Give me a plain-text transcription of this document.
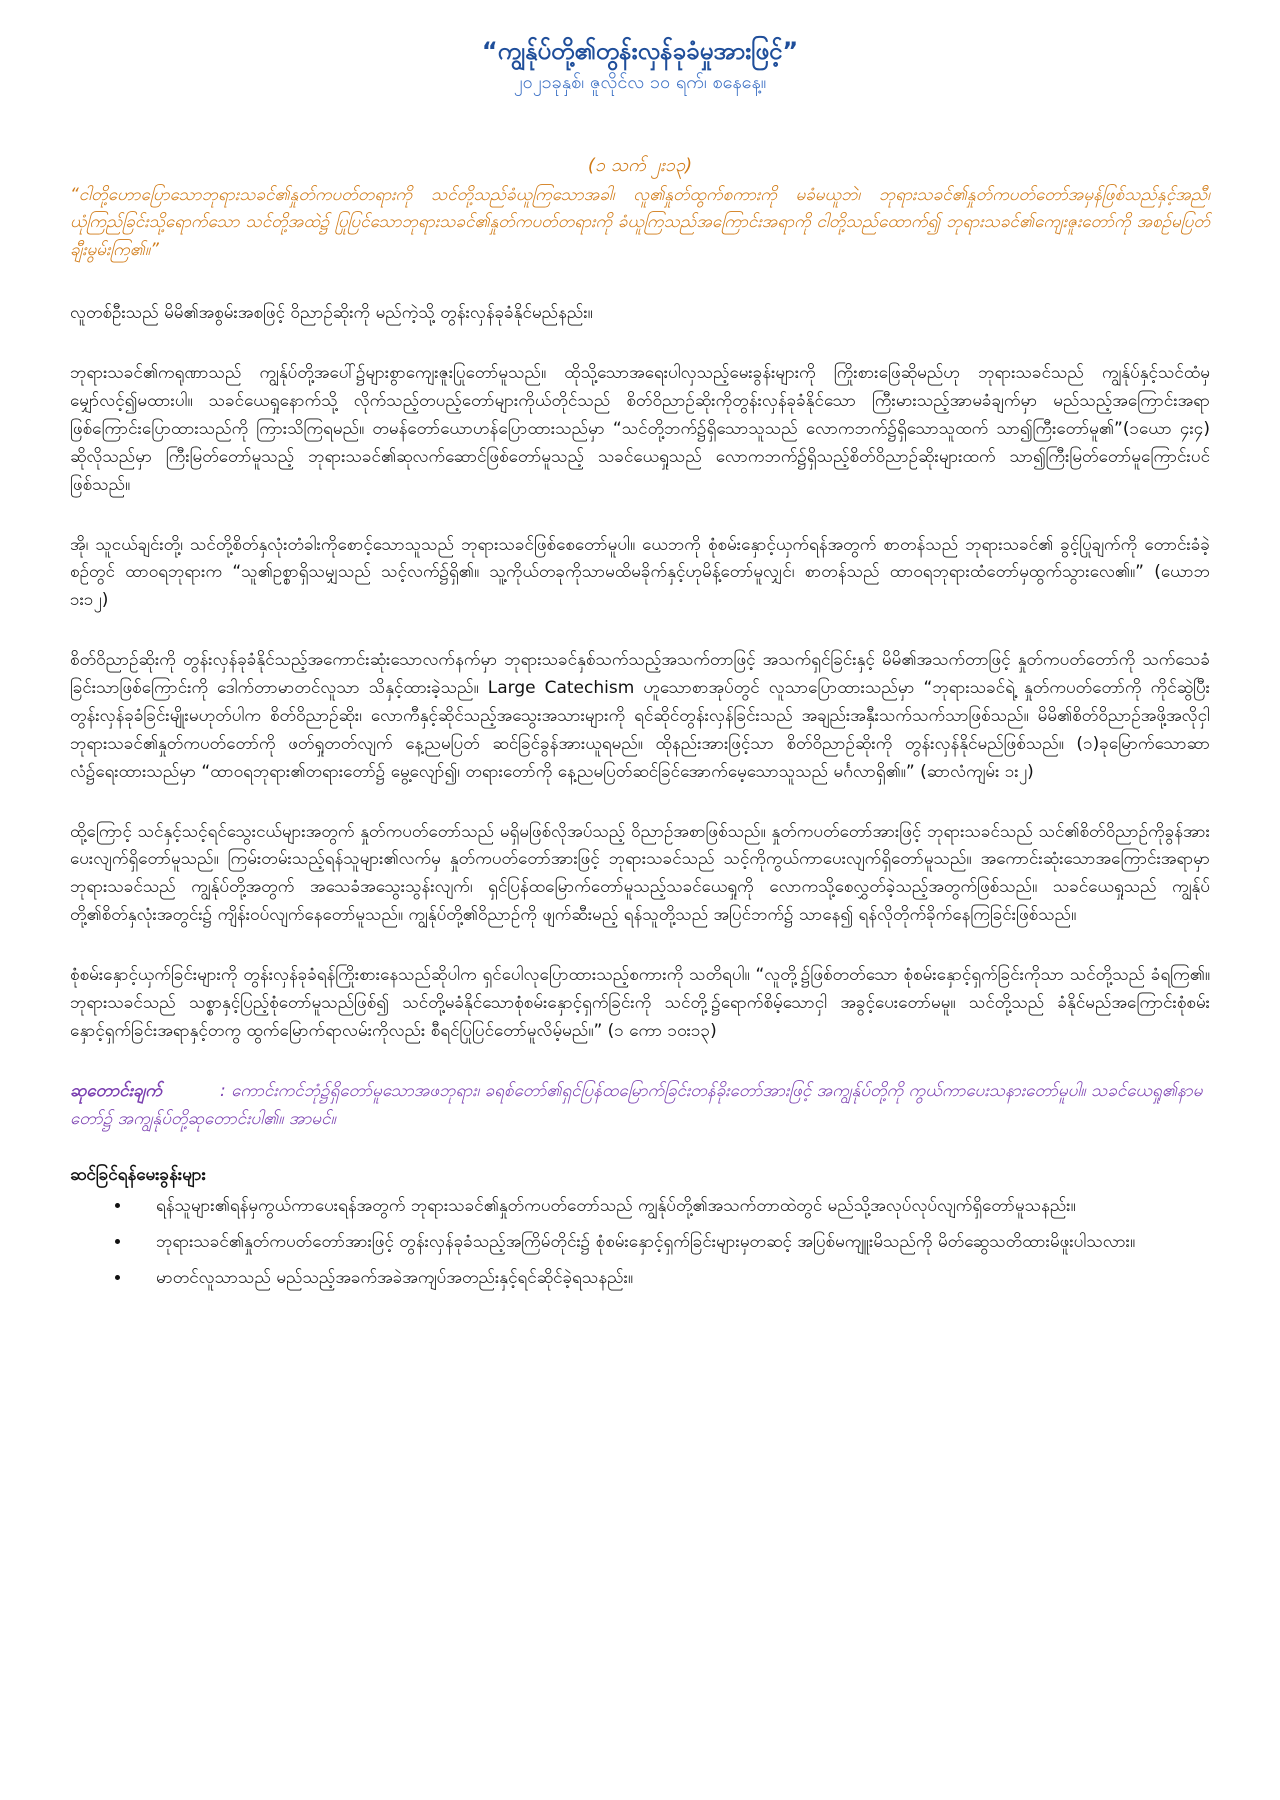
“ကျွန်ုပ်တို့၏တွန်းလှန်ခုခံမှုအားဖြင့်”
၂၀၂၁ခုနှစ်၊ ဇူလိုင်လ ၁၀ ရက်၊ စနေနေ့။
(၁ သက် ၂း၁၃)
“ငါတို့ဟောပြောသောဘုရားသခင်၏နှုတ်ကပတ်တရားကို သင်တို့သည်ခံယူကြသောအခါ၊ လူ၏နှုတ်ထွက်စကားကို မခံမယူဘဲ၊ ဘုရားသခင်၏နှုတ်ကပတ်တော်အမှန်ဖြစ်သည်နှင့်အညီ၊ ယုံကြည်ခြင်းသို့ရောက်သော သင်တို့အထဲ၌ ပြုပြင်သောဘုရားသခင်၏နှုတ်ကပတ်တရားကို ခံယူကြသည်အကြောင်းအရာကို ငါတို့သည်ထောက်၍ ဘုရားသခင်၏ကျေးဇူးတော်ကို အစဉ်မပြတ်ချီးမွမ်းကြ၏။”

လူတစ်ဦးသည် မိမိ၏အစွမ်းအစဖြင့် ဝိညာဉ်ဆိုးကို မည်ကဲ့သို့ တွန်းလှန်ခုခံနိုင်မည်နည်း။

ဘုရားသခင်၏ကရုဏာသည် ကျွန်ုပ်တို့အပေါ်၌များစွာကျေးဇူးပြုတော်မူသည်။ ထိုသို့သောအရေးပါလှသည့်မေးခွန်းများကို ကြိုးစားဖြေဆိုမည်ဟု ဘုရားသခင်သည် ကျွန်ုပ်နှင့်သင်ထံမှမျှော်လင့်၍မထားပါ။ သခင်ယေရှုနောက်သို့ လိုက်သည့်တပည့်တော်များကိုယ်တိုင်သည် စိတ်ဝိညာဉ်ဆိုးကိုတွန်းလှန်ခုခံနိုင်သော ကြီးမားသည့်အာမခံချက်မှာ မည်သည့်အကြောင်းအရာဖြစ်ကြောင်းပြောထားသည်ကို ကြားသိကြရမည်။ တမန်တော်ယောဟန်ပြောထားသည်မှာ “သင်တို့ဘက်၌ရှိသောသူသည် လောကဘက်၌ရှိသောသူထက် သာ၍ကြီးတော်မူ၏”(၁ယော ၄း၄) ဆိုလိုသည်မှာ ကြီးမြတ်တော်မူသည့် ဘုရားသခင်၏ဆုလက်ဆောင်ဖြစ်တော်မူသည့် သခင်ယေရှုသည် လောကဘက်၌ရှိသည့်စိတ်ဝိညာဉ်ဆိုးများထက် သာ၍ကြီးမြတ်တော်မူကြောင်းပင်ဖြစ်သည်။

အို၊ သူငယ်ချင်းတို့၊ သင်တို့စိတ်နှလုံးတံခါးကိုစောင့်သောသူသည် ဘုရားသခင်ဖြစ်စေတော်မူပါ။ ယေဘကို စုံစမ်းနှောင့်ယှက်ရန်အတွက် စာတန်သည် ဘုရားသခင်၏ ခွင့်ပြုချက်ကို တောင်းခံခဲ့စဉ်တွင် ထာဝရဘုရားက “သူ၏ဥစ္စာရှိသမျှသည် သင့်လက်၌ရှိ၏။ သူ့ကိုယ်တခုကိုသာမထိမခိုက်နှင့်ဟုမိန့်တော်မူလျှင်၊ စာတန်သည် ထာဝရဘုရားထံတော်မှထွက်သွားလေ၏။” (ယောဘ ၁း၁၂)

စိတ်ဝိညာဉ်ဆိုးကို တွန်းလှန်ခုခံနိုင်သည့်အကောင်းဆုံးသောလက်နက်မှာ ဘုရားသခင်နှစ်သက်သည့်အသက်တာဖြင့် အသက်ရှင်ခြင်းနှင့် မိမိ၏အသက်တာဖြင့် နှုတ်ကပတ်တော်ကို သက်သေခံခြင်းသာဖြစ်ကြောင်းကို ဒေါက်တာမာတင်လူသာ သိနှင့်ထားခဲ့သည်။ Large Catechism ဟူသောစာအုပ်တွင် လူသာပြောထားသည်မှာ “ဘုရားသခင်ရဲ့ နှုတ်ကပတ်တော်ကို ကိုင်ဆွဲပြီးတွန်းလှန်ခုခံခြင်းမျိုးမဟုတ်ပါက စိတ်ဝိညာဉ်ဆိုး၊ လောကီနှင့်ဆိုင်သည့်အသွေးအသားများကို ရင်ဆိုင်တွန်းလှန်ခြင်းသည် အချည်းအနှီးသက်သက်သာဖြစ်သည်။ မိမိ၏စိတ်ဝိညာဉ်အဖို့အလိုငှါ ဘုရားသခင်၏နှုတ်ကပတ်တော်ကို ဖတ်ရှုတတ်လျက် နေ့ညမပြတ် ဆင်ခြင်ခွန်အားယူရမည်။ ထိုနည်းအားဖြင့်သာ စိတ်ဝိညာဉ်ဆိုးကို တွန်းလှန်နိုင်မည်ဖြစ်သည်။ (၁)ခုမြောက်သောဆာလံ၌ရေးထားသည်မှာ “ထာဝရဘုရား၏တရားတော်၌ မွေ့လျော်၍၊ တရားတော်ကို နေ့ညမပြတ်ဆင်ခြင်အောက်မေ့သောသူသည် မင်္ဂလာရှိ၏။” (ဆာလံကျမ်း ၁း၂)

ထို့ကြောင့် သင်နှင့်သင့်ရင်သွေးငယ်များအတွက် နှုတ်ကပတ်တော်သည် မရှိမဖြစ်လိုအပ်သည့် ဝိညာဉ်အစာဖြစ်သည်။ နှုတ်ကပတ်တော်အားဖြင့် ဘုရားသခင်သည် သင်၏စိတ်ဝိညာဉ်ကိုခွန်အားပေးလျက်ရှိတော်မူသည်။ ကြမ်းတမ်းသည့်ရန်သူများ၏လက်မှ နှုတ်ကပတ်တော်အားဖြင့် ဘုရားသခင်သည် သင့်ကိုကွယ်ကာပေးလျက်ရှိတော်မူသည်။ အကောင်းဆုံးသောအကြောင်းအရာမှာ ဘုရားသခင်သည် ကျွန်ုပ်တို့အတွက် အသေခံအသွေးသွန်းလျက်၊ ရှင်ပြန်ထမြောက်တော်မူသည့်သခင်ယေရှုကို လောကသို့စေလွှတ်ခဲ့သည့်အတွက်ဖြစ်သည်။ သခင်ယေရှုသည် ကျွန်ုပ်တို့၏စိတ်နှလုံးအတွင်း၌ ကျိန်းဝပ်လျက်နေတော်မူသည်။ ကျွန်ုပ်တို့၏ဝိညာဉ်ကို ဖျက်ဆီးမည့် ရန်သူတို့သည် အပြင်ဘက်၌ သာနေ၍ ရန်လိုတိုက်ခိုက်နေကြခြင်းဖြစ်သည်။

စုံစမ်းနှောင့်ယှက်ခြင်းများကို တွန်းလှန်ခုခံရန်ကြိုးစားနေသည်ဆိုပါက ရှင်ပေါလုပြောထားသည့်စကားကို သတိရပါ။ “လူတို့၌ဖြစ်တတ်သော စုံစမ်းနှောင့်ရှက်ခြင်းကိုသာ သင်တို့သည် ခံရကြ၏။ ဘုရားသခင်သည် သစ္စာနှင့်ပြည့်စုံတော်မူသည်ဖြစ်၍ သင်တို့မခံနိုင်သောစုံစမ်းနှောင့်ရှက်ခြင်းကို သင်တို့၌ရောက်စိမ့်သောငှါ အခွင့်ပေးတော်မမူ။ သင်တို့သည် ခံနိုင်မည်အကြောင်းစုံစမ်းနှောင့်ရှက်ခြင်းအရာနှင့်တကွ ထွက်မြောက်ရာလမ်းကိုလည်း စီရင်ပြုပြင်တော်မူလိမ့်မည်။” (၁ ကော ၁၀း၁၃)

ဆုတောင်းချက်	: ကောင်းကင်ဘုံ၌ရှိတော်မူသောအဖဘုရား၊ ခရစ်တော်၏ရှင်ပြန်ထမြောက်ခြင်းတန်ခိုးတော်အားဖြင့် အကျွန်ုပ်တို့ကို ကွယ်ကာပေးသနားတော်မူပါ။ သခင်ယေရှု၏နာမတော်၌ အကျွန်ုပ်တို့ဆုတောင်းပါ၏။ အာမင်။
ဆင်ခြင်ရန်မေးခွန်းများ
• ရန်သူများ၏ရန်မှကွယ်ကာပေးရန်အတွက် ဘုရားသခင်၏နှုတ်ကပတ်တော်သည် ကျွန်ုပ်တို့၏အသက်တာထဲတွင် မည်သို့အလုပ်လုပ်လျက်ရှိတော်မူသနည်း။
• ဘုရားသခင်၏နှုတ်ကပတ်တော်အားဖြင့် တွန်းလှန်ခုခံသည့်အကြိမ်တိုင်း၌ စုံစမ်းနှောင့်ရှက်ခြင်းများမှတဆင့် အပြစ်မကျူးမိသည်ကို မိတ်ဆွေသတိထားမိဖူးပါသလား။
• မာတင်လူသာသည် မည်သည့်အခက်အခဲအကျပ်အတည်းနှင့်ရင်ဆိုင်ခဲ့ရသနည်း။
